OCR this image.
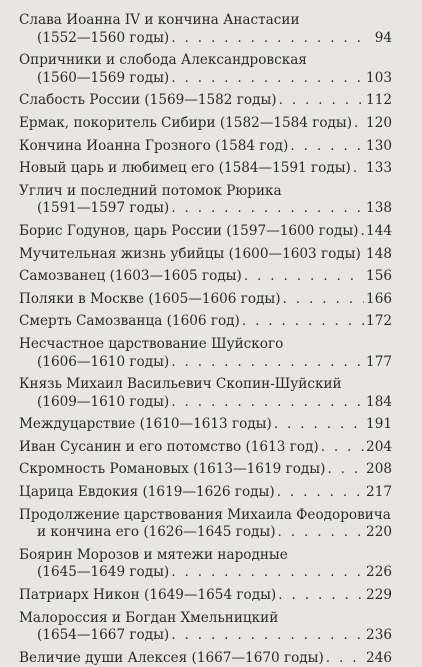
Слава Иоанна IV и кончина Анастасии
(1552—1560 годы) . . .	94
Опричники и слобода Александровская
(1560—1569 годы) . . .	103
Слабость России (1569—1582 годы) . . .	112
Ермак, покоритель Сибири (1582—1584 годы) . . . 120
Кончина Иоанна Грозного (1584 год) . . .	130
Новый царь и любимец его (1584—1591 годы) . . . 133
Углич и последний потомок Рюрика
(1591—1597 годы) . . .	138
Борис Годунов, царь России (1597—1600 годы) . . . 144
Мучительная жизнь убийцы (1600—1603 годы) . . . 148
Самозванец (1603—1605 годы) . . .	156
Поляки в Москве (1605—1606 годы) . . .	166
Смерть Самозванца (1606 год) . . .	172
Несчастное царствование Шуйского
(1606—1610 годы) . . .	177
Князь Михаил Васильевич Скопин-Шуйский
(1609—1610 годы) . . .	184
Междуцарствие (1610—1613 годы) . . .	191
Иван Сусанин и его потомство (1613 год) . . .	204
Скромность Романовых (1613—1619 годы) . . .	208
Царица Евдокия (1619—1626 годы) . . .	217
Продолжение царствования Михаила Феодоровича
и кончина его (1626—1645 годы) . . .	220
Боярин Морозов и мятежи народные
(1645—1649 годы) . . .	226
Патриарх Никон (1649—1654 годы) . . .	229
Малороссия и Богдан Хмельницкий
(1654—1667 годы) . . .	236
Величие души Алексея (1667—1670 годы) . . .	246
